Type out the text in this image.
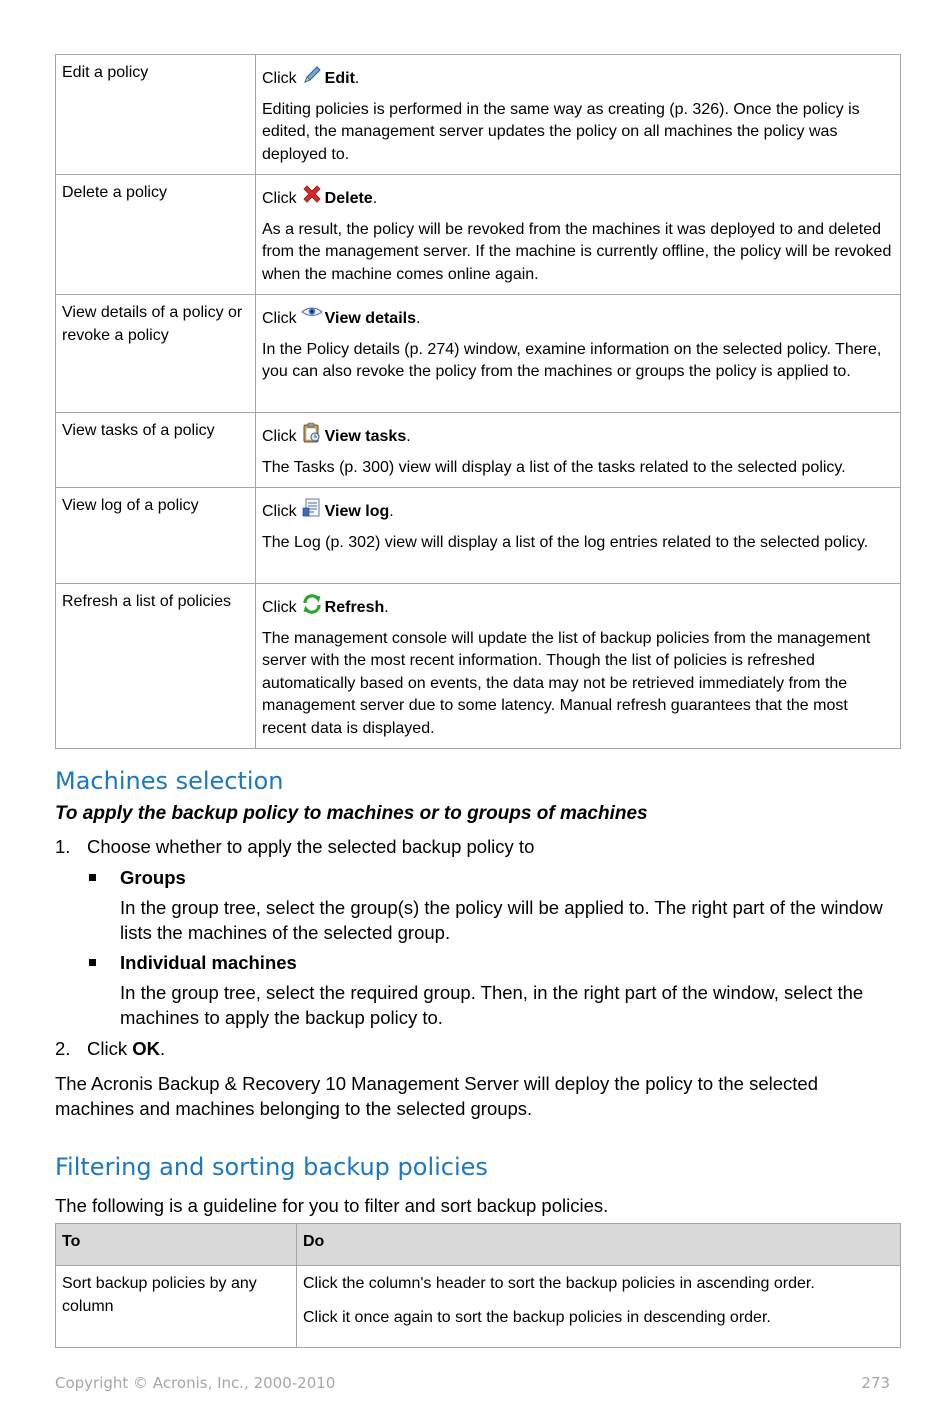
Edit a policy	Click Edit.

Editing policies is performed in the same way as creating (p. 326). Once the policy is edited, the management server updates the policy on all machines the policy was deployed to.

Delete a policy	Click Delete.

As a result, the policy will be revoked from the machines it was deployed to and deleted from the management server. If the machine is currently offline, the policy will be revoked when the machine comes online again.

View details of a policy or revoke a policy	Click View details.

In the Policy details (p. 274) window, examine information on the selected policy. There, you can also revoke the policy from the machines or groups the policy is applied to.

View tasks of a policy	Click View tasks.

The Tasks (p. 300) view will display a list of the tasks related to the selected policy.

View log of a policy	Click View log.

The Log (p. 302) view will display a list of the log entries related to the selected policy.

Refresh a list of policies	Click Refresh.

The management console will update the list of backup policies from the management server with the most recent information. Though the list of policies is refreshed automatically based on events, the data may not be retrieved immediately from the management server due to some latency. Manual refresh guarantees that the most recent data is displayed.

Machines selection

To apply the backup policy to machines or to groups of machines

1. Choose whether to apply the selected backup policy to

Groups

In the group tree, select the group(s) the policy will be applied to. The right part of the window lists the machines of the selected group.

Individual machines

In the group tree, select the required group. Then, in the right part of the window, select the machines to apply the backup policy to.

2. Click OK.

The Acronis Backup & Recovery 10 Management Server will deploy the policy to the selected machines and machines belonging to the selected groups.

Filtering and sorting backup policies

The following is a guideline for you to filter and sort backup policies.

To	Do
Sort backup policies by any column	Click the column's header to sort the backup policies in ascending order.

Click it once again to sort the backup policies in descending order.

Copyright © Acronis, Inc., 2000-2010	273
